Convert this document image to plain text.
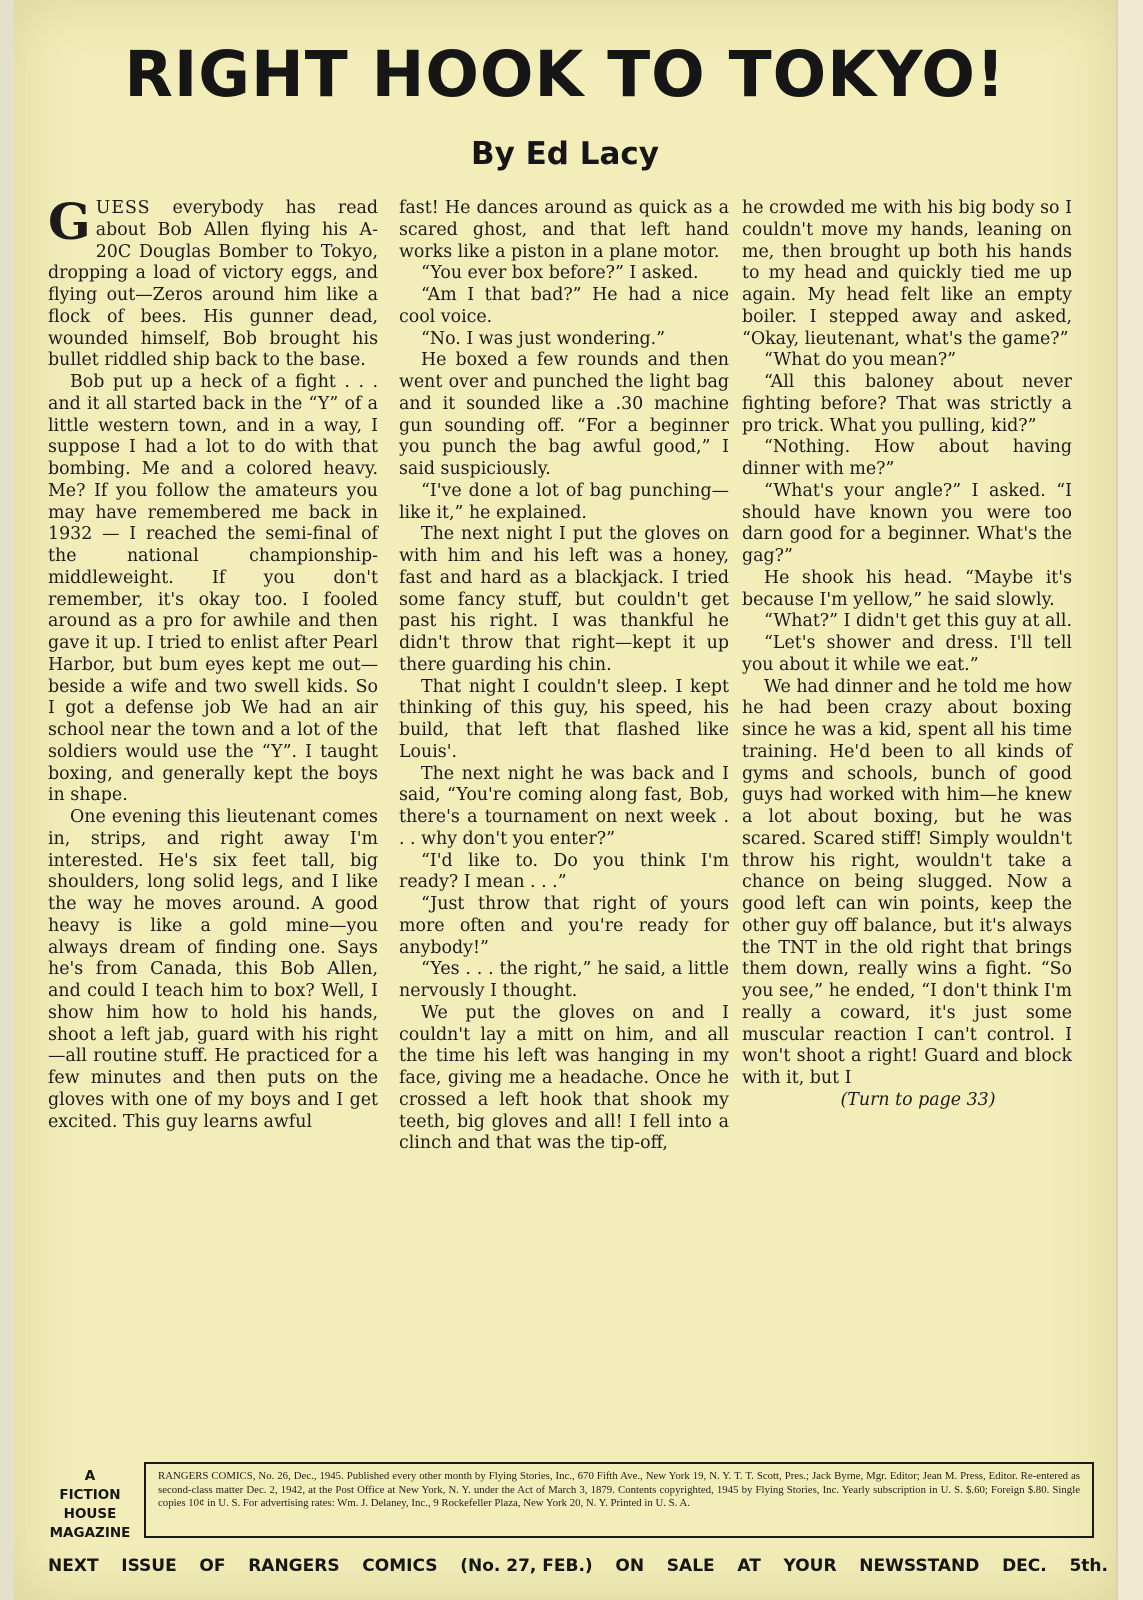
RIGHT HOOK TO TOKYO!
By Ed Lacy

GUESS everybody has read about Bob Allen flying his A-20C Douglas Bomber to Tokyo, dropping a load of victory eggs, and flying out—Zeros around him like a flock of bees. His gunner dead, wounded himself, Bob brought his bullet riddled ship back to the base.

Bob put up a heck of a fight . . . and it all started back in the “Y” of a little western town, and in a way, I suppose I had a lot to do with that bombing. Me and a colored heavy. Me? If you follow the amateurs you may have remembered me back in 1932 — I reached the semi-final of the national championship-middleweight. If you don't remember, it's okay too. I fooled around as a pro for awhile and then gave it up. I tried to enlist after Pearl Harbor, but bum eyes kept me out—beside a wife and two swell kids. So I got a defense job We had an air school near the town and a lot of the soldiers would use the “Y”. I taught boxing, and generally kept the boys in shape.

One evening this lieutenant comes in, strips, and right away I'm interested. He's six feet tall, big shoulders, long solid legs, and I like the way he moves around. A good heavy is like a gold mine—you always dream of finding one. Says he's from Canada, this Bob Allen, and could I teach him to box? Well, I show him how to hold his hands, shoot a left jab, guard with his right—all routine stuff. He practiced for a few minutes and then puts on the gloves with one of my boys and I get excited. This guy learns awful

fast! He dances around as quick as a scared ghost, and that left hand works like a piston in a plane motor.

“You ever box before?” I asked.

“Am I that bad?” He had a nice cool voice.

“No. I was just wondering.”

He boxed a few rounds and then went over and punched the light bag and it sounded like a .30 machine gun sounding off. “For a beginner you punch the bag awful good,” I said suspiciously.

“I've done a lot of bag punching—like it,” he explained.

The next night I put the gloves on with him and his left was a honey, fast and hard as a blackjack. I tried some fancy stuff, but couldn't get past his right. I was thankful he didn't throw that right—kept it up there guarding his chin.

That night I couldn't sleep. I kept thinking of this guy, his speed, his build, that left that flashed like Louis'.

The next night he was back and I said, “You're coming along fast, Bob, there's a tournament on next week . . . why don't you enter?”

“I'd like to. Do you think I'm ready? I mean . . .”

“Just throw that right of yours more often and you're ready for anybody!”

“Yes . . . the right,” he said, a little nervously I thought.

We put the gloves on and I couldn't lay a mitt on him, and all the time his left was hanging in my face, giving me a headache. Once he crossed a left hook that shook my teeth, big gloves and all! I fell into a clinch and that was the tip-off,

he crowded me with his big body so I couldn't move my hands, leaning on me, then brought up both his hands to my head and quickly tied me up again. My head felt like an empty boiler. I stepped away and asked, “Okay, lieutenant, what's the game?”

“What do you mean?”

“All this baloney about never fighting before? That was strictly a pro trick. What you pulling, kid?”

“Nothing. How about having dinner with me?”

“What's your angle?” I asked. “I should have known you were too darn good for a beginner. What's the gag?”

He shook his head. “Maybe it's because I'm yellow,” he said slowly.

“What?” I didn't get this guy at all.

“Let's shower and dress. I'll tell you about it while we eat.”

We had dinner and he told me how he had been crazy about boxing since he was a kid, spent all his time training. He'd been to all kinds of gyms and schools, bunch of good guys had worked with him—he knew a lot about boxing, but he was scared. Scared stiff! Simply wouldn't throw his right, wouldn't take a chance on being slugged. Now a good left can win points, keep the other guy off balance, but it's always the TNT in the old right that brings them down, really wins a fight. “So you see,” he ended, “I don't think I'm really a coward, it's just some muscular reaction I can't control. I won't shoot a right! Guard and block with it, but I

(Turn to page 33)

A
FICTION
HOUSE
MAGAZINE
RANGERS COMICS, No. 26, Dec., 1945. Published every other month by Flying Stories, Inc., 670 Fifth Ave., New York 19, N. Y. T. T. Scott, Pres.; Jack Byrne, Mgr. Editor; Jean M. Press, Editor. Re-entered as second-class matter Dec. 2, 1942, at the Post Office at New York, N. Y. under the Act of March 3, 1879. Contents copyrighted, 1945 by Flying Stories, Inc. Yearly subscription in U. S. $.60; Foreign $.80. Single copies 10¢ in U. S. For advertising rates: Wm. J. Delaney, Inc., 9 Rockefeller Plaza, New York 20, N. Y. Printed in U. S. A.
NEXT ISSUE OF RANGERS COMICS (No. 27, FEB.) ON SALE AT YOUR NEWSSTAND DEC. 5th.
